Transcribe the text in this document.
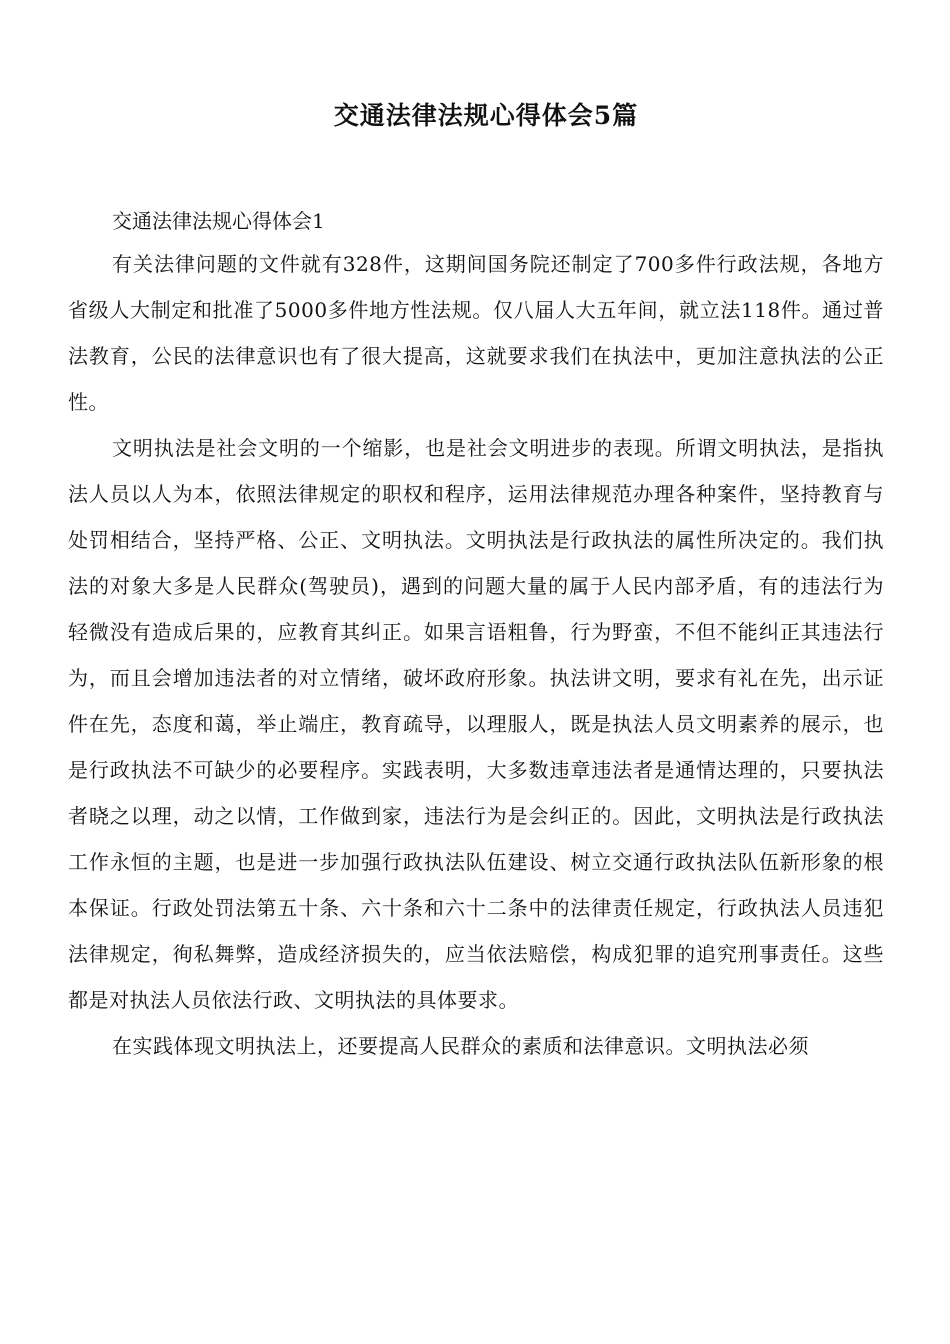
交通法律法规心得体会5篇

交通法律法规心得体会1

有关法律问题的文件就有328件，这期间国务院还制定了700多件行政法规，各地方省级人大制定和批准了5000多件地方性法规。仅八届人大五年间，就立法118件。通过普法教育，公民的法律意识也有了很大提高，这就要求我们在执法中，更加注意执法的公正性。

文明执法是社会文明的一个缩影，也是社会文明进步的表现。所谓文明执法，是指执法人员以人为本，依照法律规定的职权和程序，运用法律规范办理各种案件，坚持教育与处罚相结合，坚持严格、公正、文明执法。文明执法是行政执法的属性所决定的。我们执法的对象大多是人民群众(驾驶员)，遇到的问题大量的属于人民内部矛盾，有的违法行为轻微没有造成后果的，应教育其纠正。如果言语粗鲁，行为野蛮，不但不能纠正其违法行为，而且会增加违法者的对立情绪，破坏政府形象。执法讲文明，要求有礼在先，出示证件在先，态度和蔼，举止端庄，教育疏导，以理服人，既是执法人员文明素养的展示，也是行政执法不可缺少的必要程序。实践表明，大多数违章违法者是通情达理的，只要执法者晓之以理，动之以情，工作做到家，违法行为是会纠正的。因此，文明执法是行政执法工作永恒的主题，也是进一步加强行政执法队伍建设、树立交通行政执法队伍新形象的根本保证。行政处罚法第五十条、六十条和六十二条中的法律责任规定，行政执法人员违犯法律规定，徇私舞弊，造成经济损失的，应当依法赔偿，构成犯罪的追究刑事责任。这些都是对执法人员依法行政、文明执法的具体要求。

在实践体现文明执法上，还要提高人民群众的素质和法律意识。文明执法必须
